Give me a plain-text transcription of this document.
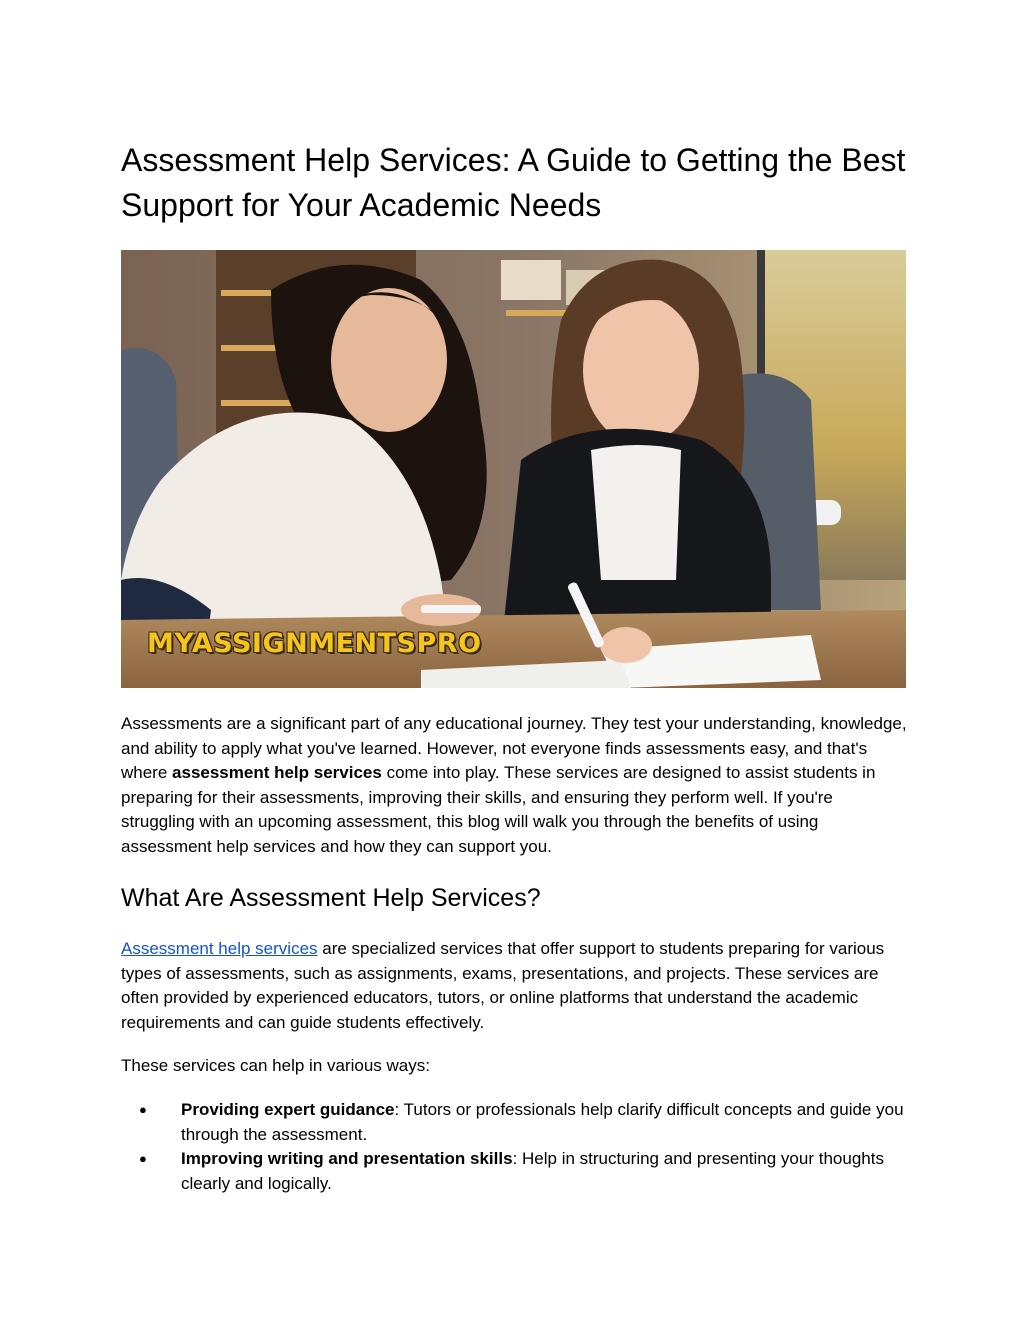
Assessment Help Services: A Guide to Getting the Best Support for Your Academic Needs
MYASSIGNMENTSPRO

Assessments are a significant part of any educational journey. They test your understanding, knowledge, and ability to apply what you've learned. However, not everyone finds assessments easy, and that's where assessment help services come into play. These services are designed to assist students in preparing for their assessments, improving their skills, and ensuring they perform well. If you're struggling with an upcoming assessment, this blog will walk you through the benefits of using assessment help services and how they can support you.

What Are Assessment Help Services?

Assessment help services are specialized services that offer support to students preparing for various types of assessments, such as assignments, exams, presentations, and projects. These services are often provided by experienced educators, tutors, or online platforms that understand the academic requirements and can guide students effectively.

These services can help in various ways:

● Providing expert guidance: Tutors or professionals help clarify difficult concepts and guide you through the assessment.
● Improving writing and presentation skills: Help in structuring and presenting your thoughts clearly and logically.
